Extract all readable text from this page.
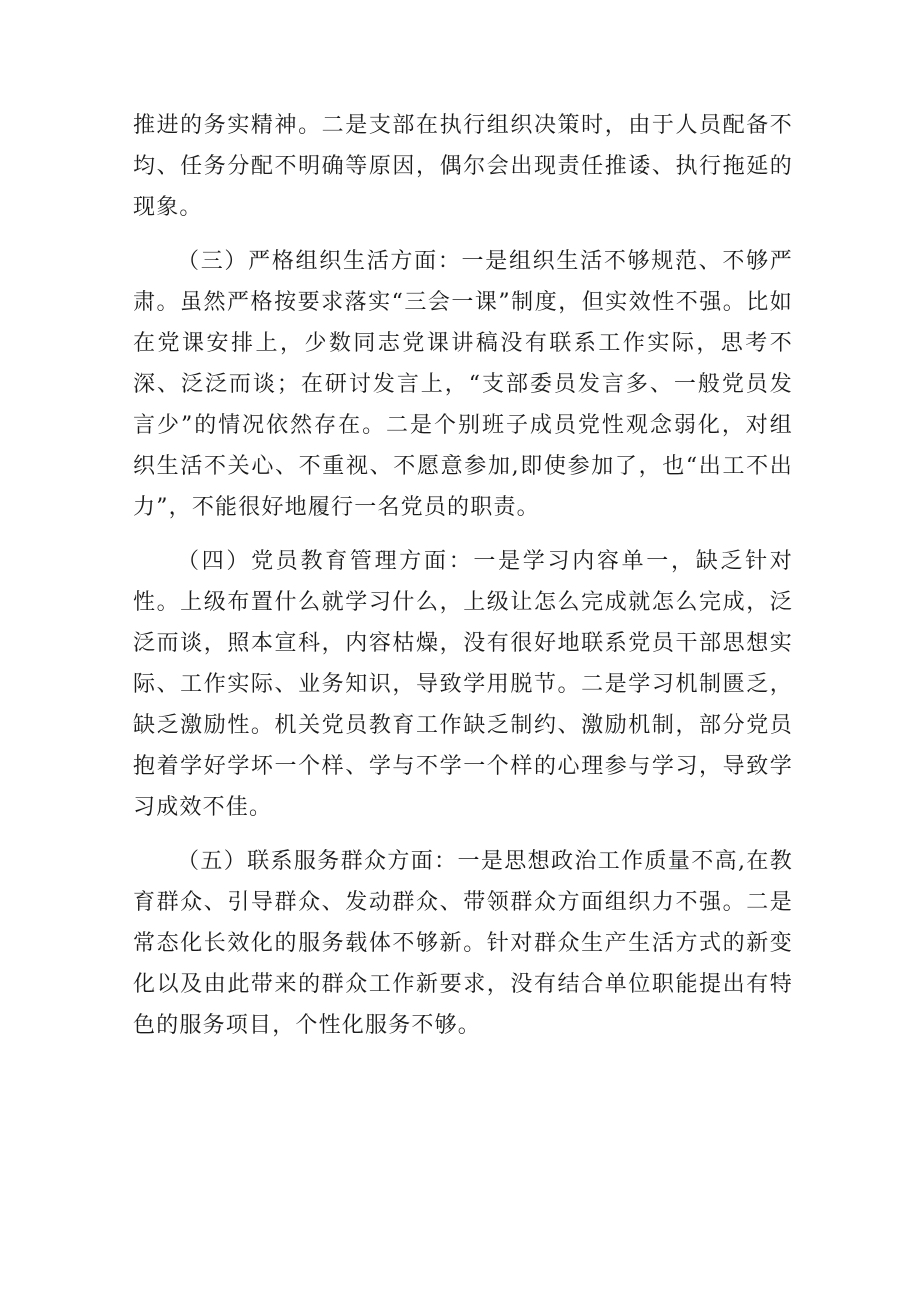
推进的务实精神。二是支部在执行组织决策时，由于人员配备不均、任务分配不明确等原因，偶尔会出现责任推诿、执行拖延的现象。

（三）严格组织生活方面：一是组织生活不够规范、不够严肃。虽然严格按要求落实“三会一课”制度，但实效性不强。比如在党课安排上，少数同志党课讲稿没有联系工作实际，思考不深、泛泛而谈；在研讨发言上，“支部委员发言多、一般党员发言少”的情况依然存在。二是个别班子成员党性观念弱化，对组织生活不关心、不重视、不愿意参加,即使参加了，也“出工不出力”，不能很好地履行一名党员的职责。

（四）党员教育管理方面：一是学习内容单一，缺乏针对性。上级布置什么就学习什么，上级让怎么完成就怎么完成，泛泛而谈，照本宣科，内容枯燥，没有很好地联系党员干部思想实际、工作实际、业务知识，导致学用脱节。二是学习机制匮乏，缺乏激励性。机关党员教育工作缺乏制约、激励机制，部分党员抱着学好学坏一个样、学与不学一个样的心理参与学习，导致学习成效不佳。

（五）联系服务群众方面：一是思想政治工作质量不高,在教育群众、引导群众、发动群众、带领群众方面组织力不强。二是常态化长效化的服务载体不够新。针对群众生产生活方式的新变化以及由此带来的群众工作新要求，没有结合单位职能提出有特色的服务项目，个性化服务不够。
